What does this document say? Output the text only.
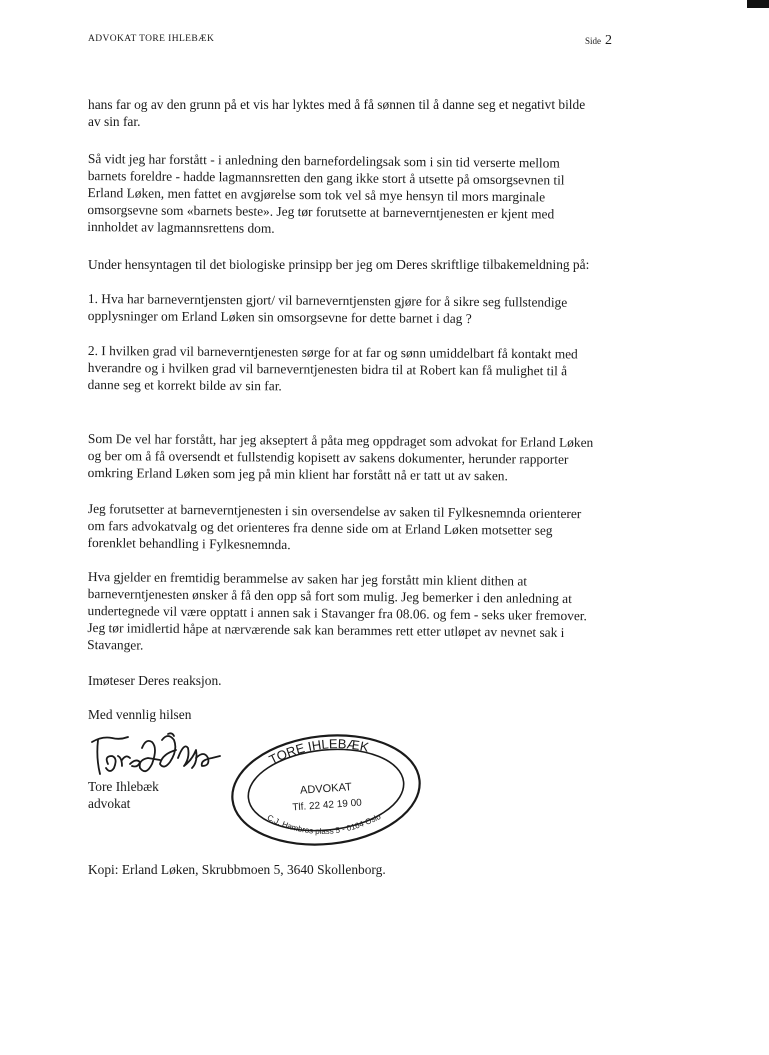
ADVOKAT TORE IHLEBÆK	Side 2
hans far og av den grunn på et vis har lyktes med å få sønnen til å danne seg et negativt bilde
av sin far.
Så vidt jeg har forstått - i anledning den barnefordelingsak som i sin tid verserte mellom
barnets foreldre - hadde lagmannsretten den gang ikke stort å utsette på omsorgsevnen til
Erland Løken, men fattet en avgjørelse som tok vel så mye hensyn til mors marginale
omsorgsevne som «barnets beste». Jeg tør forutsette at barneverntjenesten er kjent med
innholdet av lagmannsrettens dom.
Under hensyntagen til det biologiske prinsipp ber jeg om Deres skriftlige tilbakemeldning på:
1. Hva har barneverntjensten gjort/ vil barneverntjensten gjøre for å sikre seg fullstendige
opplysninger om Erland Løken sin omsorgsevne for dette barnet i dag ?
2. I hvilken grad vil barneverntjenesten sørge for at far og sønn umiddelbart få kontakt med
hverandre og i hvilken grad vil barneverntjenesten bidra til at Robert kan få mulighet til å
danne seg et korrekt bilde av sin far.
Som De vel har forstått, har jeg akseptert å påta meg oppdraget som advokat for Erland Løken
og ber om å få oversendt et fullstendig kopisett av sakens dokumenter, herunder rapporter
omkring Erland Løken som jeg på min klient har forstått nå er tatt ut av saken.
Jeg forutsetter at barneverntjenesten i sin oversendelse av saken til Fylkesnemnda orienterer
om fars advokatvalg og det orienteres fra denne side om at Erland Løken motsetter seg
forenklet behandling i Fylkesnemnda.
Hva gjelder en fremtidig berammelse av saken har jeg forstått min klient dithen at
barneverntjenesten ønsker å få den opp så fort som mulig. Jeg bemerker i den anledning at
undertegnede vil være opptatt i annen sak i Stavanger fra 08.06. og fem - seks uker fremover.
Jeg tør imidlertid håpe at nærværende sak kan berammes rett etter utløpet av nevnet sak i
Stavanger.
Imøteser Deres reaksjon.
Med vennlig hilsen
Tore Ihlebæk
advokat
TORE IHLEBÆK
ADVOKAT
Tlf. 22 42 19 00
C.J. Hambros plass 5 - 0164 Oslo
Kopi: Erland Løken, Skrubbmoen 5, 3640 Skollenborg.
